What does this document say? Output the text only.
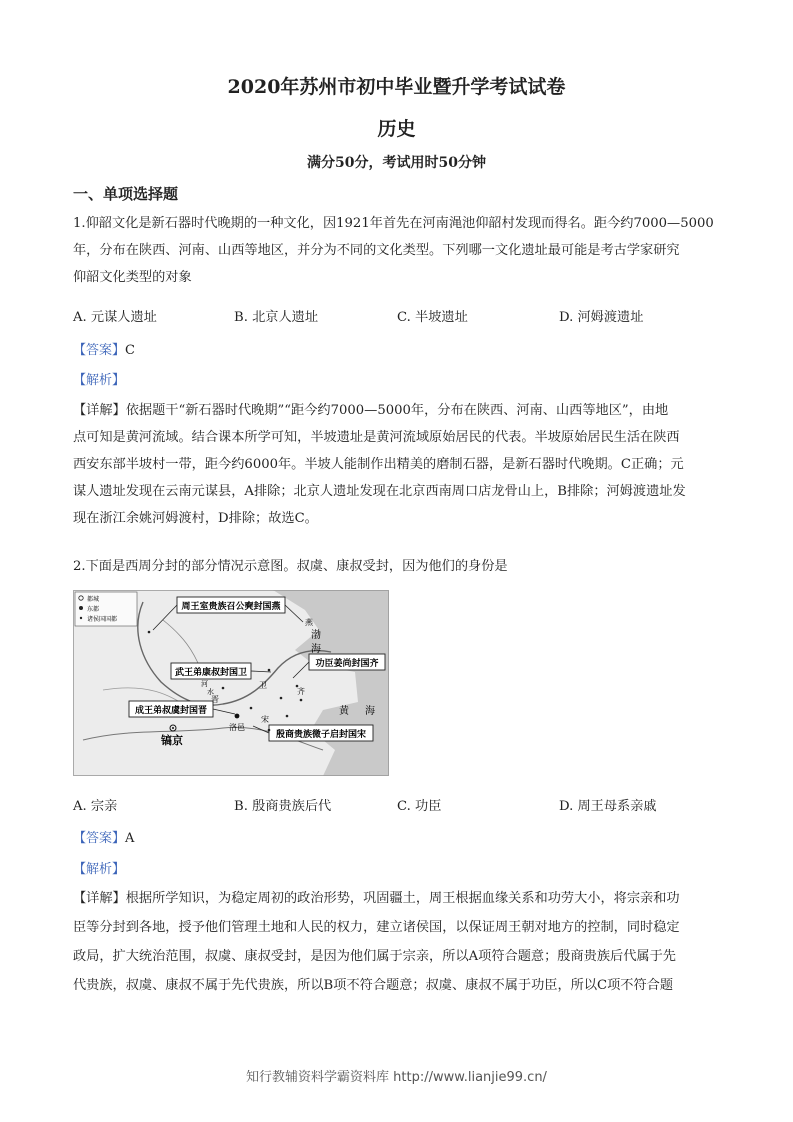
2020年苏州市初中毕业暨升学考试试卷
历史
满分50分，考试用时50分钟
一、单项选择题
1.仰韶文化是新石器时代晚期的一种文化，因1921年首先在河南渑池仰韶村发现而得名。距今约7000—5000
年，分布在陕西、河南、山西等地区，并分为不同的文化类型。下列哪一文化遗址最可能是考古学家研究
仰韶文化类型的对象
A. 元谋人遗址	B. 北京人遗址	C. 半坡遗址	D. 河姆渡遗址
【答案】C
【解析】
【详解】依据题干“新石器时代晚期”“距今约7000—5000年，分布在陕西、河南、山西等地区”，由地
点可知是黄河流域。结合课本所学可知，半坡遗址是黄河流域原始居民的代表。半坡原始居民生活在陕西
西安东部半坡村一带，距今约6000年。半坡人能制作出精美的磨制石器，是新石器时代晚期。C正确；元
谋人遗址发现在云南元谋县，A排除；北京人遗址发现在北京西南周口店龙骨山上，B排除；河姆渡遗址发
现在浙江余姚河姆渡村，D排除；故选C。
2.下面是西周分封的部分情况示意图。叔虞、康叔受封，因为他们的身份是
都城
东都
诸侯国国都
周王室贵族召公奭封国燕
功臣姜尚封国齐
武王弟康叔封国卫
成王弟叔虞封国晋
殷商贵族微子启封国宋
镐京
洛邑
燕
渤
海
黄 海
卫
齐
宋
河
水
晋
A. 宗亲	B. 殷商贵族后代	C. 功臣	D. 周王母系亲戚
【答案】A
【解析】
【详解】根据所学知识，为稳定周初的政治形势，巩固疆土，周王根据血缘关系和功劳大小，将宗亲和功
臣等分封到各地，授予他们管理土地和人民的权力，建立诸侯国，以保证周王朝对地方的控制，同时稳定
政局，扩大统治范围，叔虞、康叔受封，是因为他们属于宗亲，所以A项符合题意；殷商贵族后代属于先
代贵族，叔虞、康叔不属于先代贵族，所以B项不符合题意；叔虞、康叔不属于功臣，所以C项不符合题
知行教辅资料学霸资料库 http://www.lianjie99.cn/
